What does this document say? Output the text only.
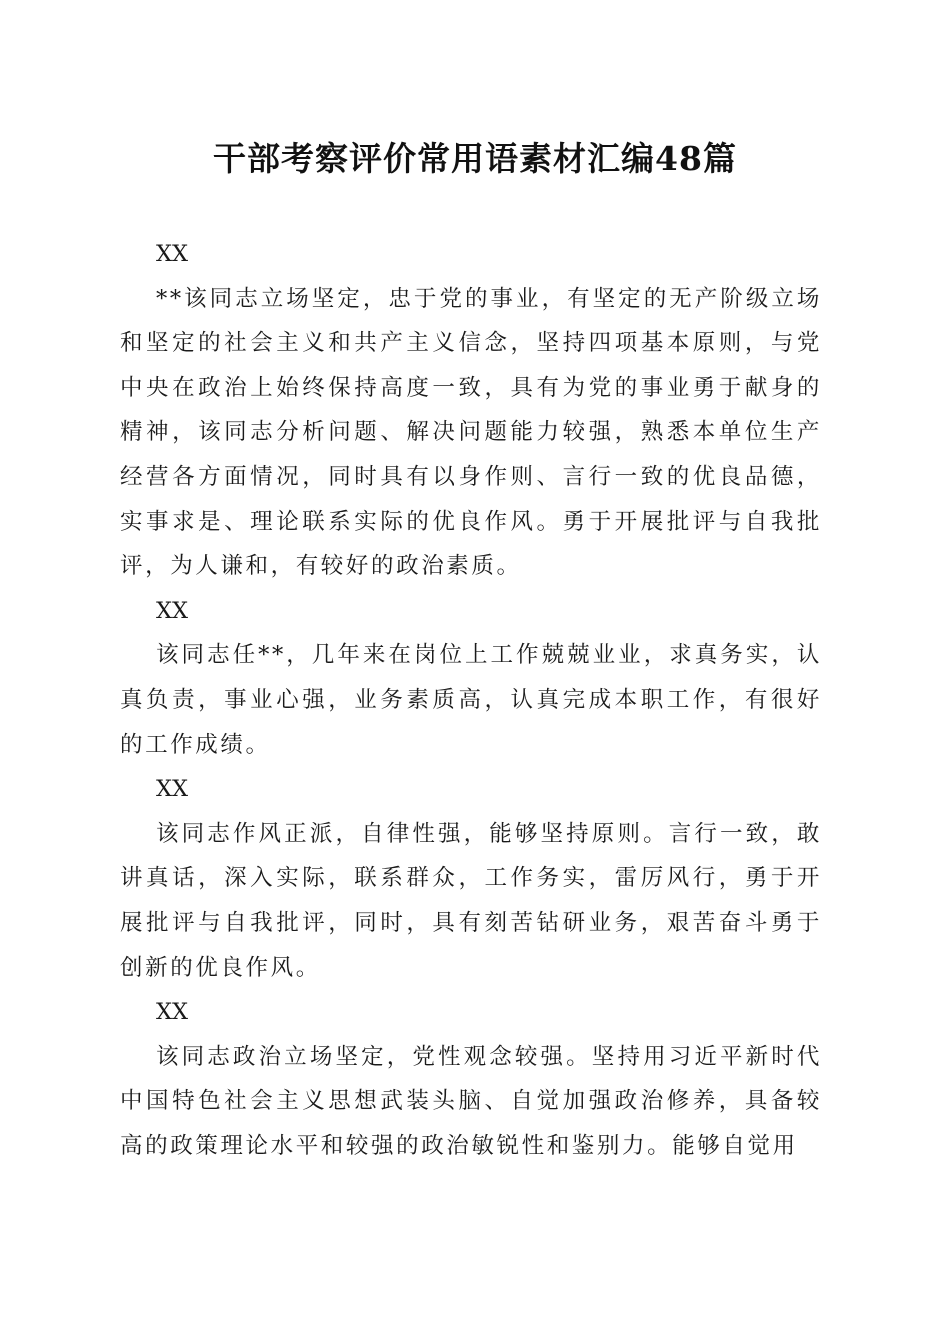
干部考察评价常用语素材汇编48篇

XX

**该同志立场坚定，忠于党的事业，有坚定的无产阶级立场和坚定的社会主义和共产主义信念，坚持四项基本原则，与党中央在政治上始终保持高度一致，具有为党的事业勇于献身的精神，该同志分析问题、解决问题能力较强，熟悉本单位生产经营各方面情况，同时具有以身作则、言行一致的优良品德，实事求是、理论联系实际的优良作风。勇于开展批评与自我批评，为人谦和，有较好的政治素质。

XX

该同志任**，几年来在岗位上工作兢兢业业，求真务实，认真负责，事业心强，业务素质高，认真完成本职工作，有很好的工作成绩。

XX

该同志作风正派，自律性强，能够坚持原则。言行一致，敢讲真话，深入实际，联系群众，工作务实，雷厉风行，勇于开展批评与自我批评，同时，具有刻苦钻研业务，艰苦奋斗勇于创新的优良作风。

XX

该同志政治立场坚定，党性观念较强。坚持用习近平新时代中国特色社会主义思想武装头脑、自觉加强政治修养，具备较高的政策理论水平和较强的政治敏锐性和鉴别力。能够自觉用
